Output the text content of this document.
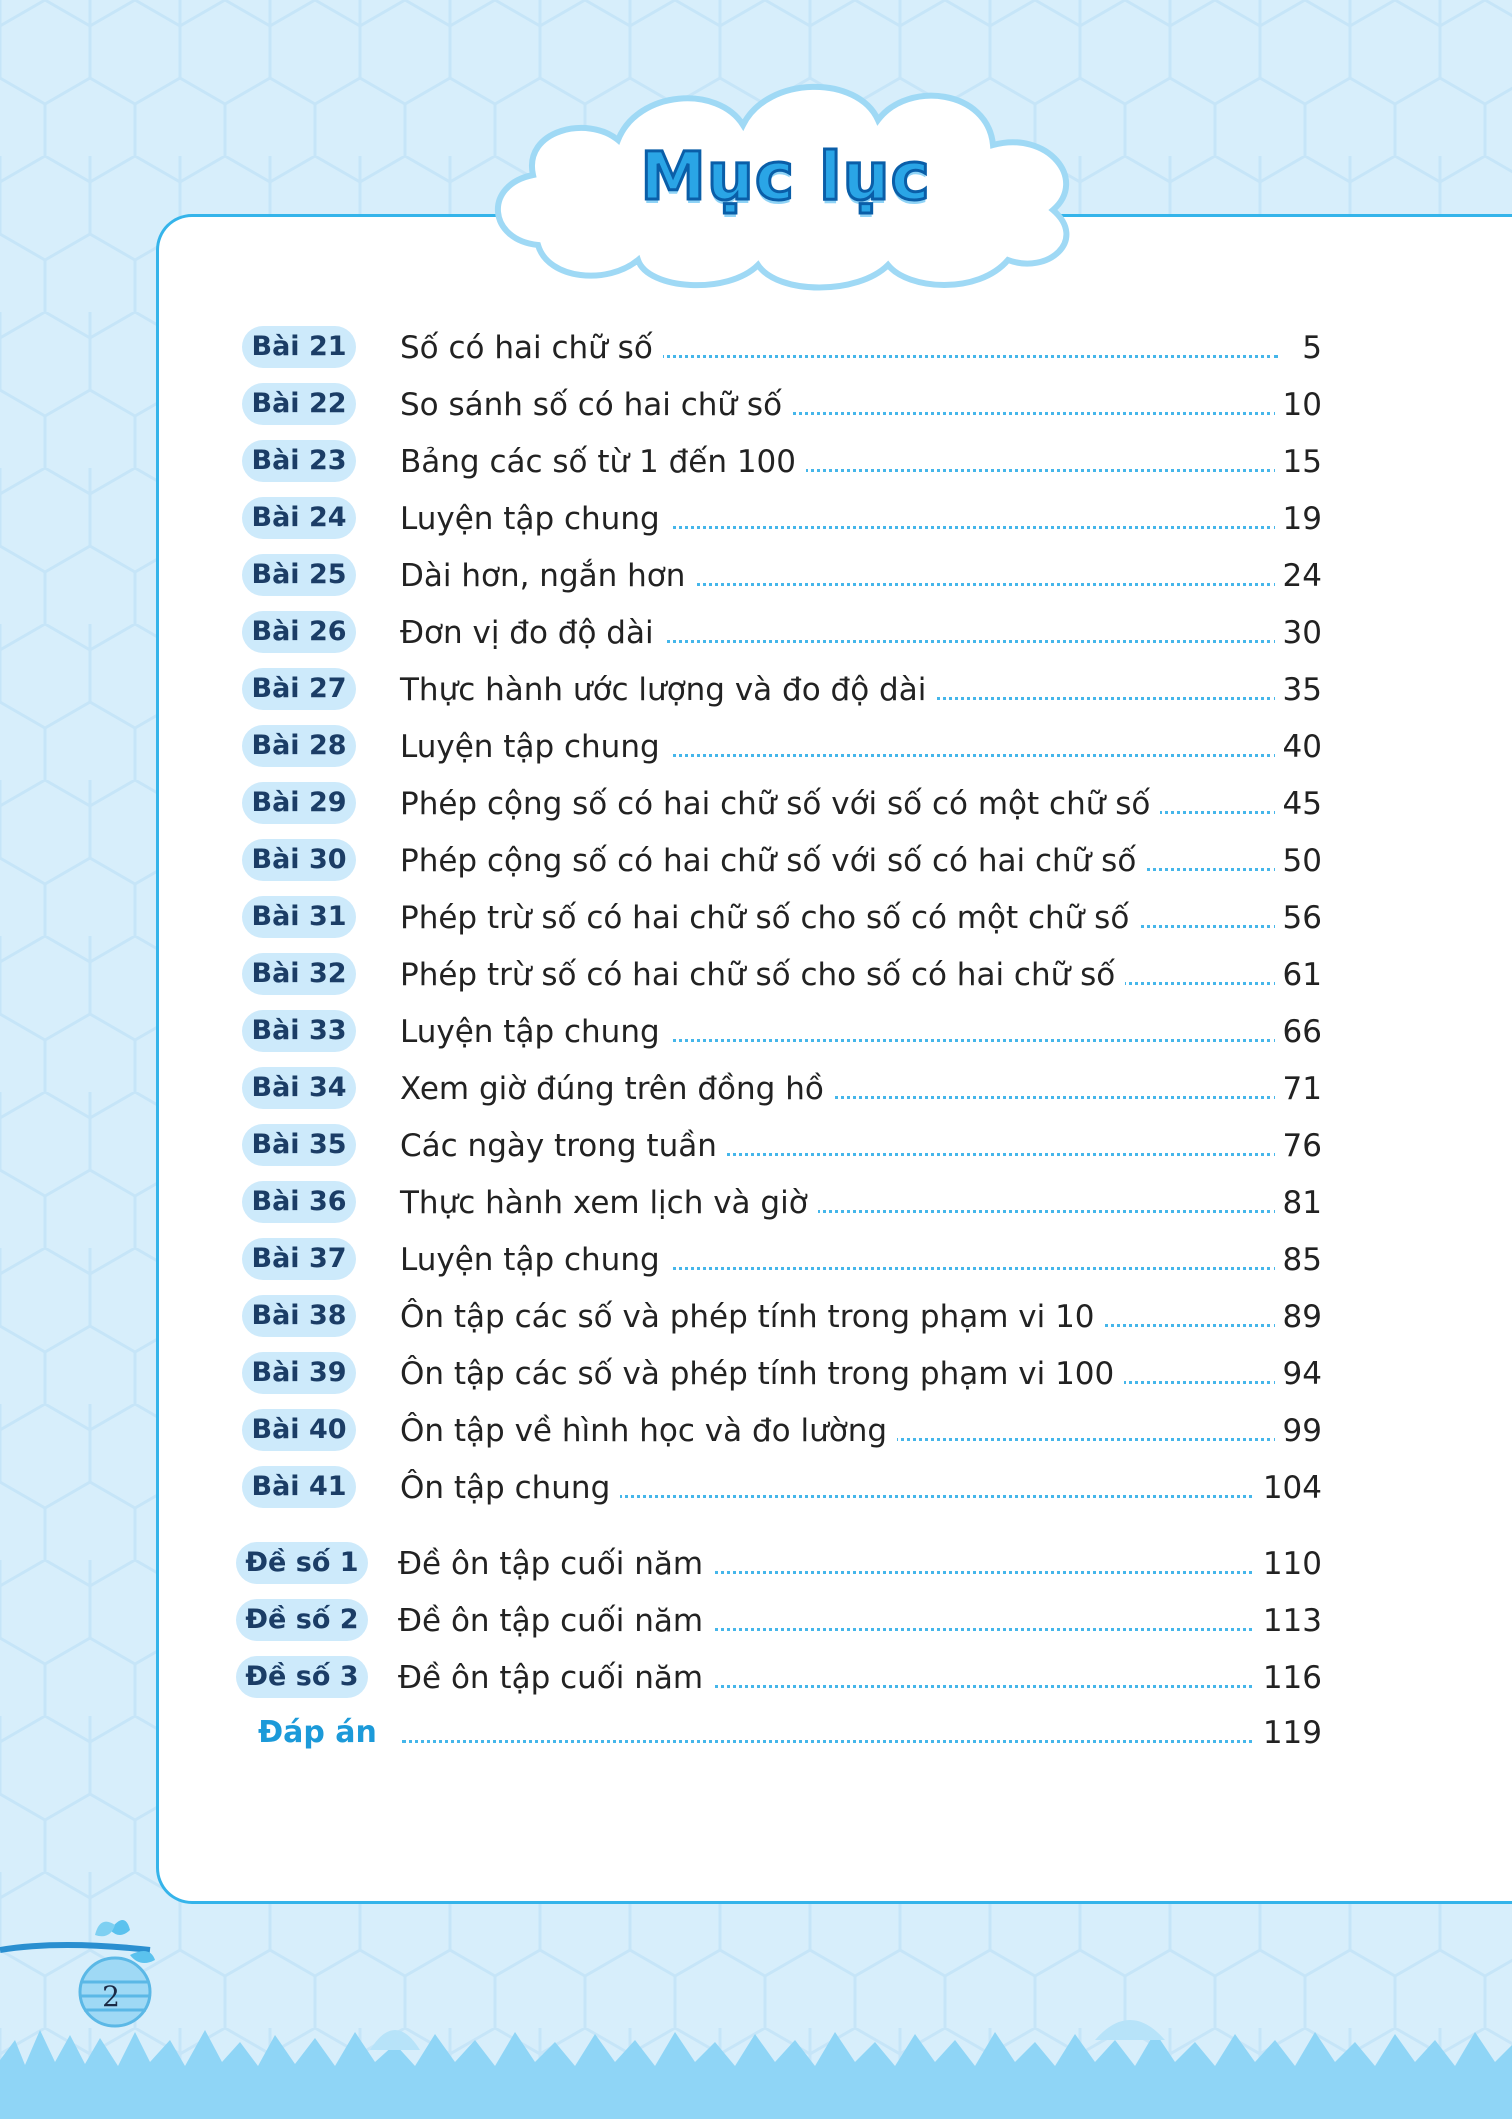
Mục lục
Bài 21	Số có hai chữ số	5
Bài 22	So sánh số có hai chữ số	10
Bài 23	Bảng các số từ 1 đến 100	15
Bài 24	Luyện tập chung	19
Bài 25	Dài hơn, ngắn hơn	24
Bài 26	Đơn vị đo độ dài	30
Bài 27	Thực hành ước lượng và đo độ dài	35
Bài 28	Luyện tập chung	40
Bài 29	Phép cộng số có hai chữ số với số có một chữ số	45
Bài 30	Phép cộng số có hai chữ số với số có hai chữ số	50
Bài 31	Phép trừ số có hai chữ số cho số có một chữ số	56
Bài 32	Phép trừ số có hai chữ số cho số có hai chữ số	61
Bài 33	Luyện tập chung	66
Bài 34	Xem giờ đúng trên đồng hồ	71
Bài 35	Các ngày trong tuần	76
Bài 36	Thực hành xem lịch và giờ	81
Bài 37	Luyện tập chung	85
Bài 38	Ôn tập các số và phép tính trong phạm vi 10	89
Bài 39	Ôn tập các số và phép tính trong phạm vi 100	94
Bài 40	Ôn tập về hình học và đo lường	99
Bài 41	Ôn tập chung	104
Đề số 1	Đề ôn tập cuối năm	110
Đề số 2	Đề ôn tập cuối năm	113
Đề số 3	Đề ôn tập cuối năm	116
Đáp án	119
2
